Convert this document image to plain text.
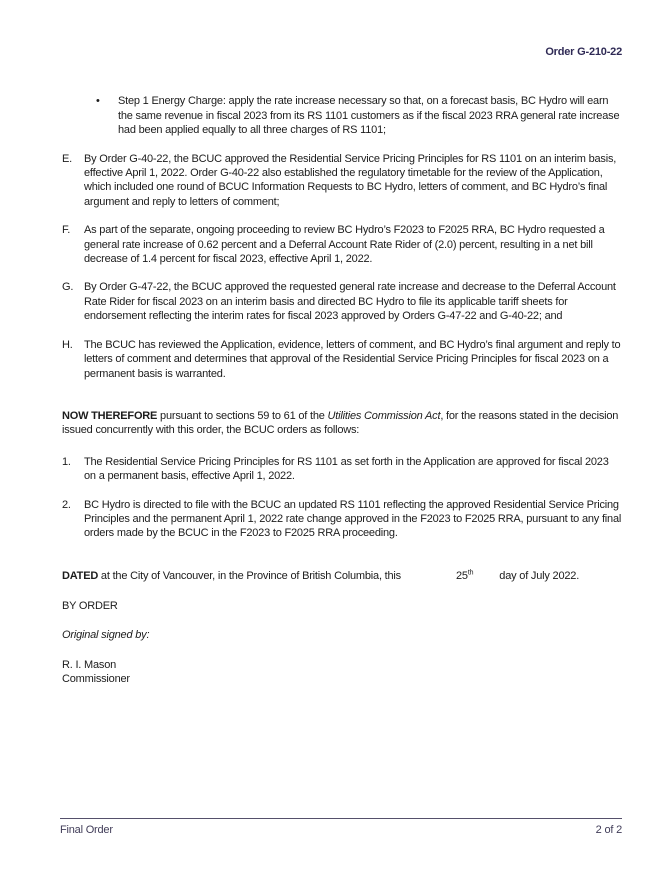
Order G-210-22
•	Step 1 Energy Charge: apply the rate increase necessary so that, on a forecast basis, BC Hydro will earn the same revenue in fiscal 2023 from its RS 1101 customers as if the fiscal 2023 RRA general rate increase had been applied equally to all three charges of RS 1101;
E.	By Order G-40-22, the BCUC approved the Residential Service Pricing Principles for RS 1101 on an interim basis, effective April 1, 2022. Order G-40-22 also established the regulatory timetable for the review of the Application, which included one round of BCUC Information Requests to BC Hydro, letters of comment, and BC Hydro’s final argument and reply to letters of comment;
F.	As part of the separate, ongoing proceeding to review BC Hydro’s F2023 to F2025 RRA, BC Hydro requested a general rate increase of 0.62 percent and a Deferral Account Rate Rider of (2.0) percent, resulting in a net bill decrease of 1.4 percent for fiscal 2023, effective April 1, 2022.
G. By Order G-47-22, the BCUC approved the requested general rate increase and decrease to the Deferral Account Rate Rider for fiscal 2023 on an interim basis and directed BC Hydro to file its applicable tariff sheets for endorsement reflecting the interim rates for fiscal 2023 approved by Orders G-47-22 and G-40-22; and
H.	The BCUC has reviewed the Application, evidence, letters of comment, and BC Hydro’s final argument and reply to letters of comment and determines that approval of the Residential Service Pricing Principles for fiscal 2023 on a permanent basis is warranted.

NOW THEREFORE pursuant to sections 59 to 61 of the Utilities Commission Act, for the reasons stated in the decision issued concurrently with this order, the BCUC orders as follows:

1.	The Residential Service Pricing Principles for RS 1101 as set forth in the Application are approved for fiscal 2023 on a permanent basis, effective April 1, 2022.
2.	BC Hydro is directed to file with the BCUC an updated RS 1101 reflecting the approved Residential Service Pricing Principles and the permanent April 1, 2022 rate change approved in the F2023 to F2025 RRA, pursuant to any final orders made by the BCUC in the F2023 to F2025 RRA proceeding.

DATED at the City of Vancouver, in the Province of British Columbia, this	25th day of July 2022.

BY ORDER

Original signed by:

R. I. Mason

Commissioner

Final Order	2 of 2
